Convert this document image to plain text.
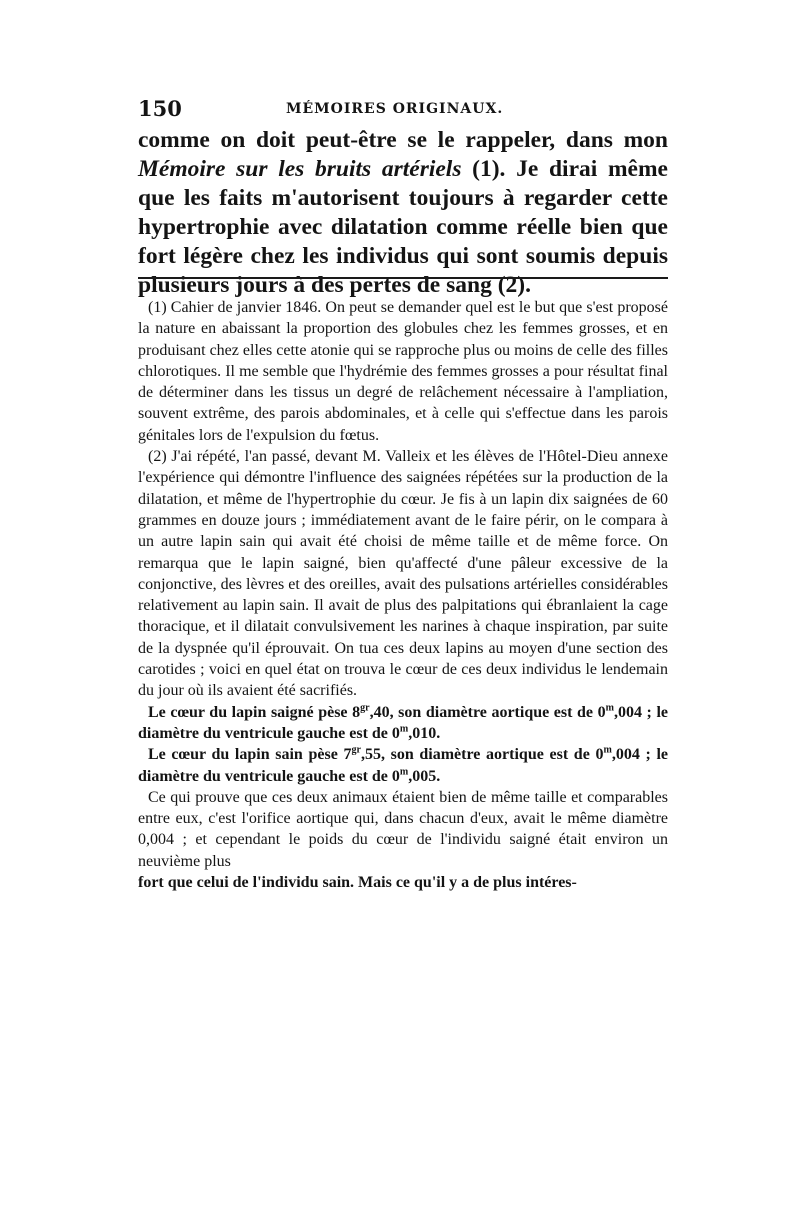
150	MÉMOIRES ORIGINAUX.

comme on doit peut-être se le rappeler, dans mon Mémoire sur les bruits artériels (1). Je dirai même que les faits m'autorisent toujours à regarder cette hypertrophie avec dilatation comme réelle bien que fort légère chez les individus qui sont soumis depuis plusieurs jours à des pertes de sang (2).

(1) Cahier de janvier 1846. On peut se demander quel est le but que s'est proposé la nature en abaissant la proportion des globules chez les femmes grosses, et en produisant chez elles cette atonie qui se rapproche plus ou moins de celle des filles chlorotiques. Il me semble que l'hydrémie des femmes grosses a pour résultat final de déterminer dans les tissus un degré de relâchement nécessaire à l'ampliation, souvent extrême, des parois abdominales, et à celle qui s'effectue dans les parois génitales lors de l'expulsion du fœtus.

(2) J'ai répété, l'an passé, devant M. Valleix et les élèves de l'Hôtel-Dieu annexe l'expérience qui démontre l'influence des saignées répétées sur la production de la dilatation, et même de l'hypertrophie du cœur. Je fis à un lapin dix saignées de 60 grammes en douze jours ; immédiatement avant de le faire périr, on le compara à un autre lapin sain qui avait été choisi de même taille et de même force. On remarqua que le lapin saigné, bien qu'affecté d'une pâleur excessive de la conjonctive, des lèvres et des oreilles, avait des pulsations artérielles considérables relativement au lapin sain. Il avait de plus des palpitations qui ébranlaient la cage thoracique, et il dilatait convulsivement les narines à chaque inspiration, par suite de la dyspnée qu'il éprouvait. On tua ces deux lapins au moyen d'une section des carotides ; voici en quel état on trouva le cœur de ces deux individus le lendemain du jour où ils avaient été sacrifiés.

Le cœur du lapin saigné pèse $8^{gr},40$, son diamètre aortique est de 0$^m$,004 ; le diamètre du ventricule gauche est de 0$^m$,010.

Le cœur du lapin sain pèse $7^{gr},55$, son diamètre aortique est de 0$^m$,004 ; le diamètre du ventricule gauche est de 0$^m$,005.

Ce qui prouve que ces deux animaux étaient bien de même taille et comparables entre eux, c'est l'orifice aortique qui, dans chacun d'eux, avait le même diamètre 0,004 ; et cependant le poids du cœur de l'individu saigné était environ un neuvième plus

fort que celui de l'individu sain. Mais ce qu'il y a de plus intéres-
